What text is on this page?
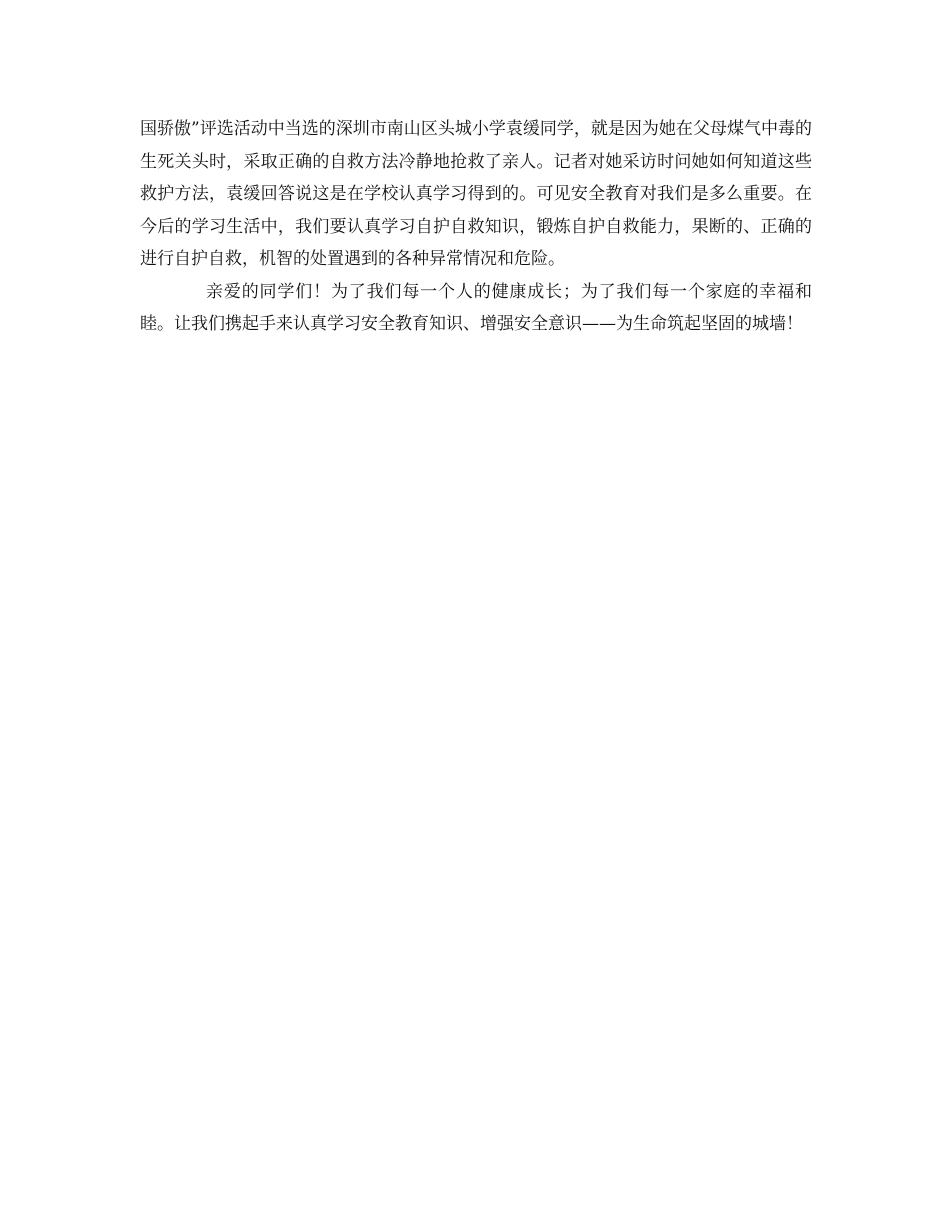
国骄傲”评选活动中当选的深圳市南山区头城小学袁缓同学，就是因为她在父母煤气中毒的生死关头时，采取正确的自救方法冷静地抢救了亲人。记者对她采访时问她如何知道这些救护方法，袁缓回答说这是在学校认真学习得到的。可见安全教育对我们是多么重要。在今后的学习生活中，我们要认真学习自护自救知识，锻炼自护自救能力，果断的、正确的进行自护自救，机智的处置遇到的各种异常情况和危险。

亲爱的同学们！为了我们每一个人的健康成长；为了我们每一个家庭的幸福和睦。让我们携起手来认真学习安全教育知识、增强安全意识——为生命筑起坚固的城墙！
